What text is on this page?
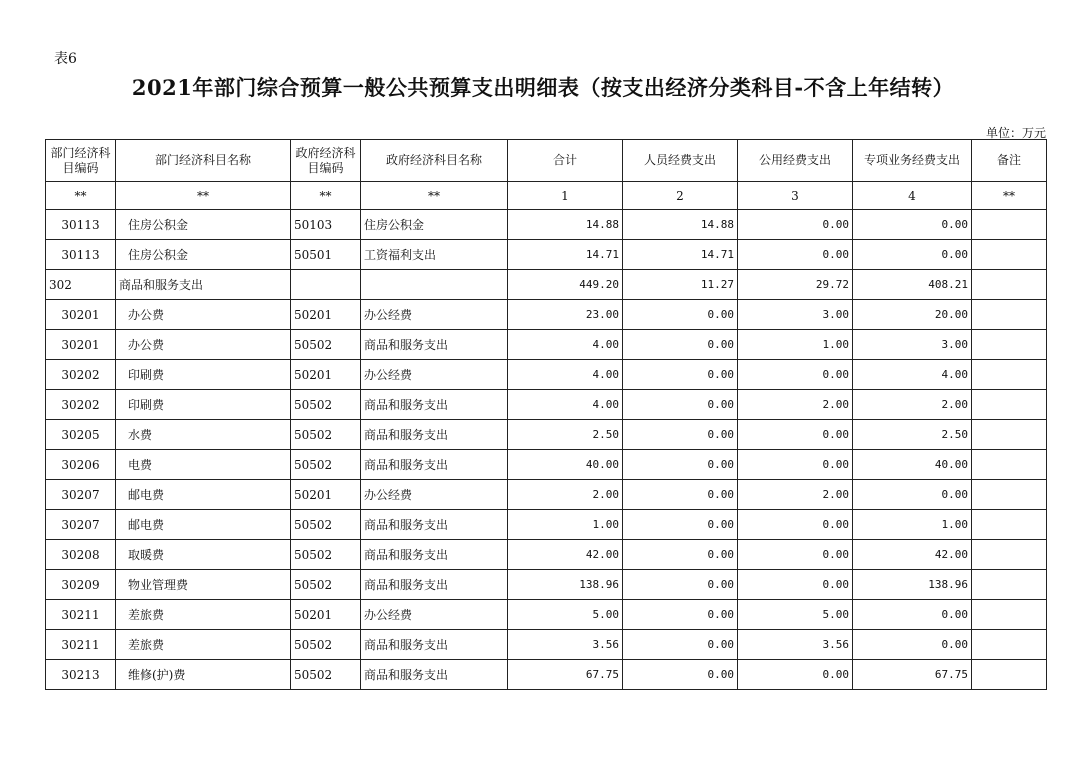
表6
2021年部门综合预算一般公共预算支出明细表（按支出经济分类科目-不含上年结转）
单位：万元
部门经济科目编码	部门经济科目名称	政府经济科目编码	政府经济科目名称	合计	人员经费支出	公用经费支出	专项业务经费支出	备注
**	**	**	**	1	2	3	4	**
30113	住房公积金	50103	住房公积金	14.88	14.88	0.00	0.00	
30113	住房公积金	50501	工资福利支出	14.71	14.71	0.00	0.00	
302	商品和服务支出			449.20	11.27	29.72	408.21	
30201	办公费	50201	办公经费	23.00	0.00	3.00	20.00	
30201	办公费	50502	商品和服务支出	4.00	0.00	1.00	3.00	
30202	印刷费	50201	办公经费	4.00	0.00	0.00	4.00	
30202	印刷费	50502	商品和服务支出	4.00	0.00	2.00	2.00	
30205	水费	50502	商品和服务支出	2.50	0.00	0.00	2.50	
30206	电费	50502	商品和服务支出	40.00	0.00	0.00	40.00	
30207	邮电费	50201	办公经费	2.00	0.00	2.00	0.00	
30207	邮电费	50502	商品和服务支出	1.00	0.00	0.00	1.00	
30208	取暖费	50502	商品和服务支出	42.00	0.00	0.00	42.00	
30209	物业管理费	50502	商品和服务支出	138.96	0.00	0.00	138.96	
30211	差旅费	50201	办公经费	5.00	0.00	5.00	0.00	
30211	差旅费	50502	商品和服务支出	3.56	0.00	3.56	0.00	
30213	维修(护)费	50502	商品和服务支出	67.75	0.00	0.00	67.75	
